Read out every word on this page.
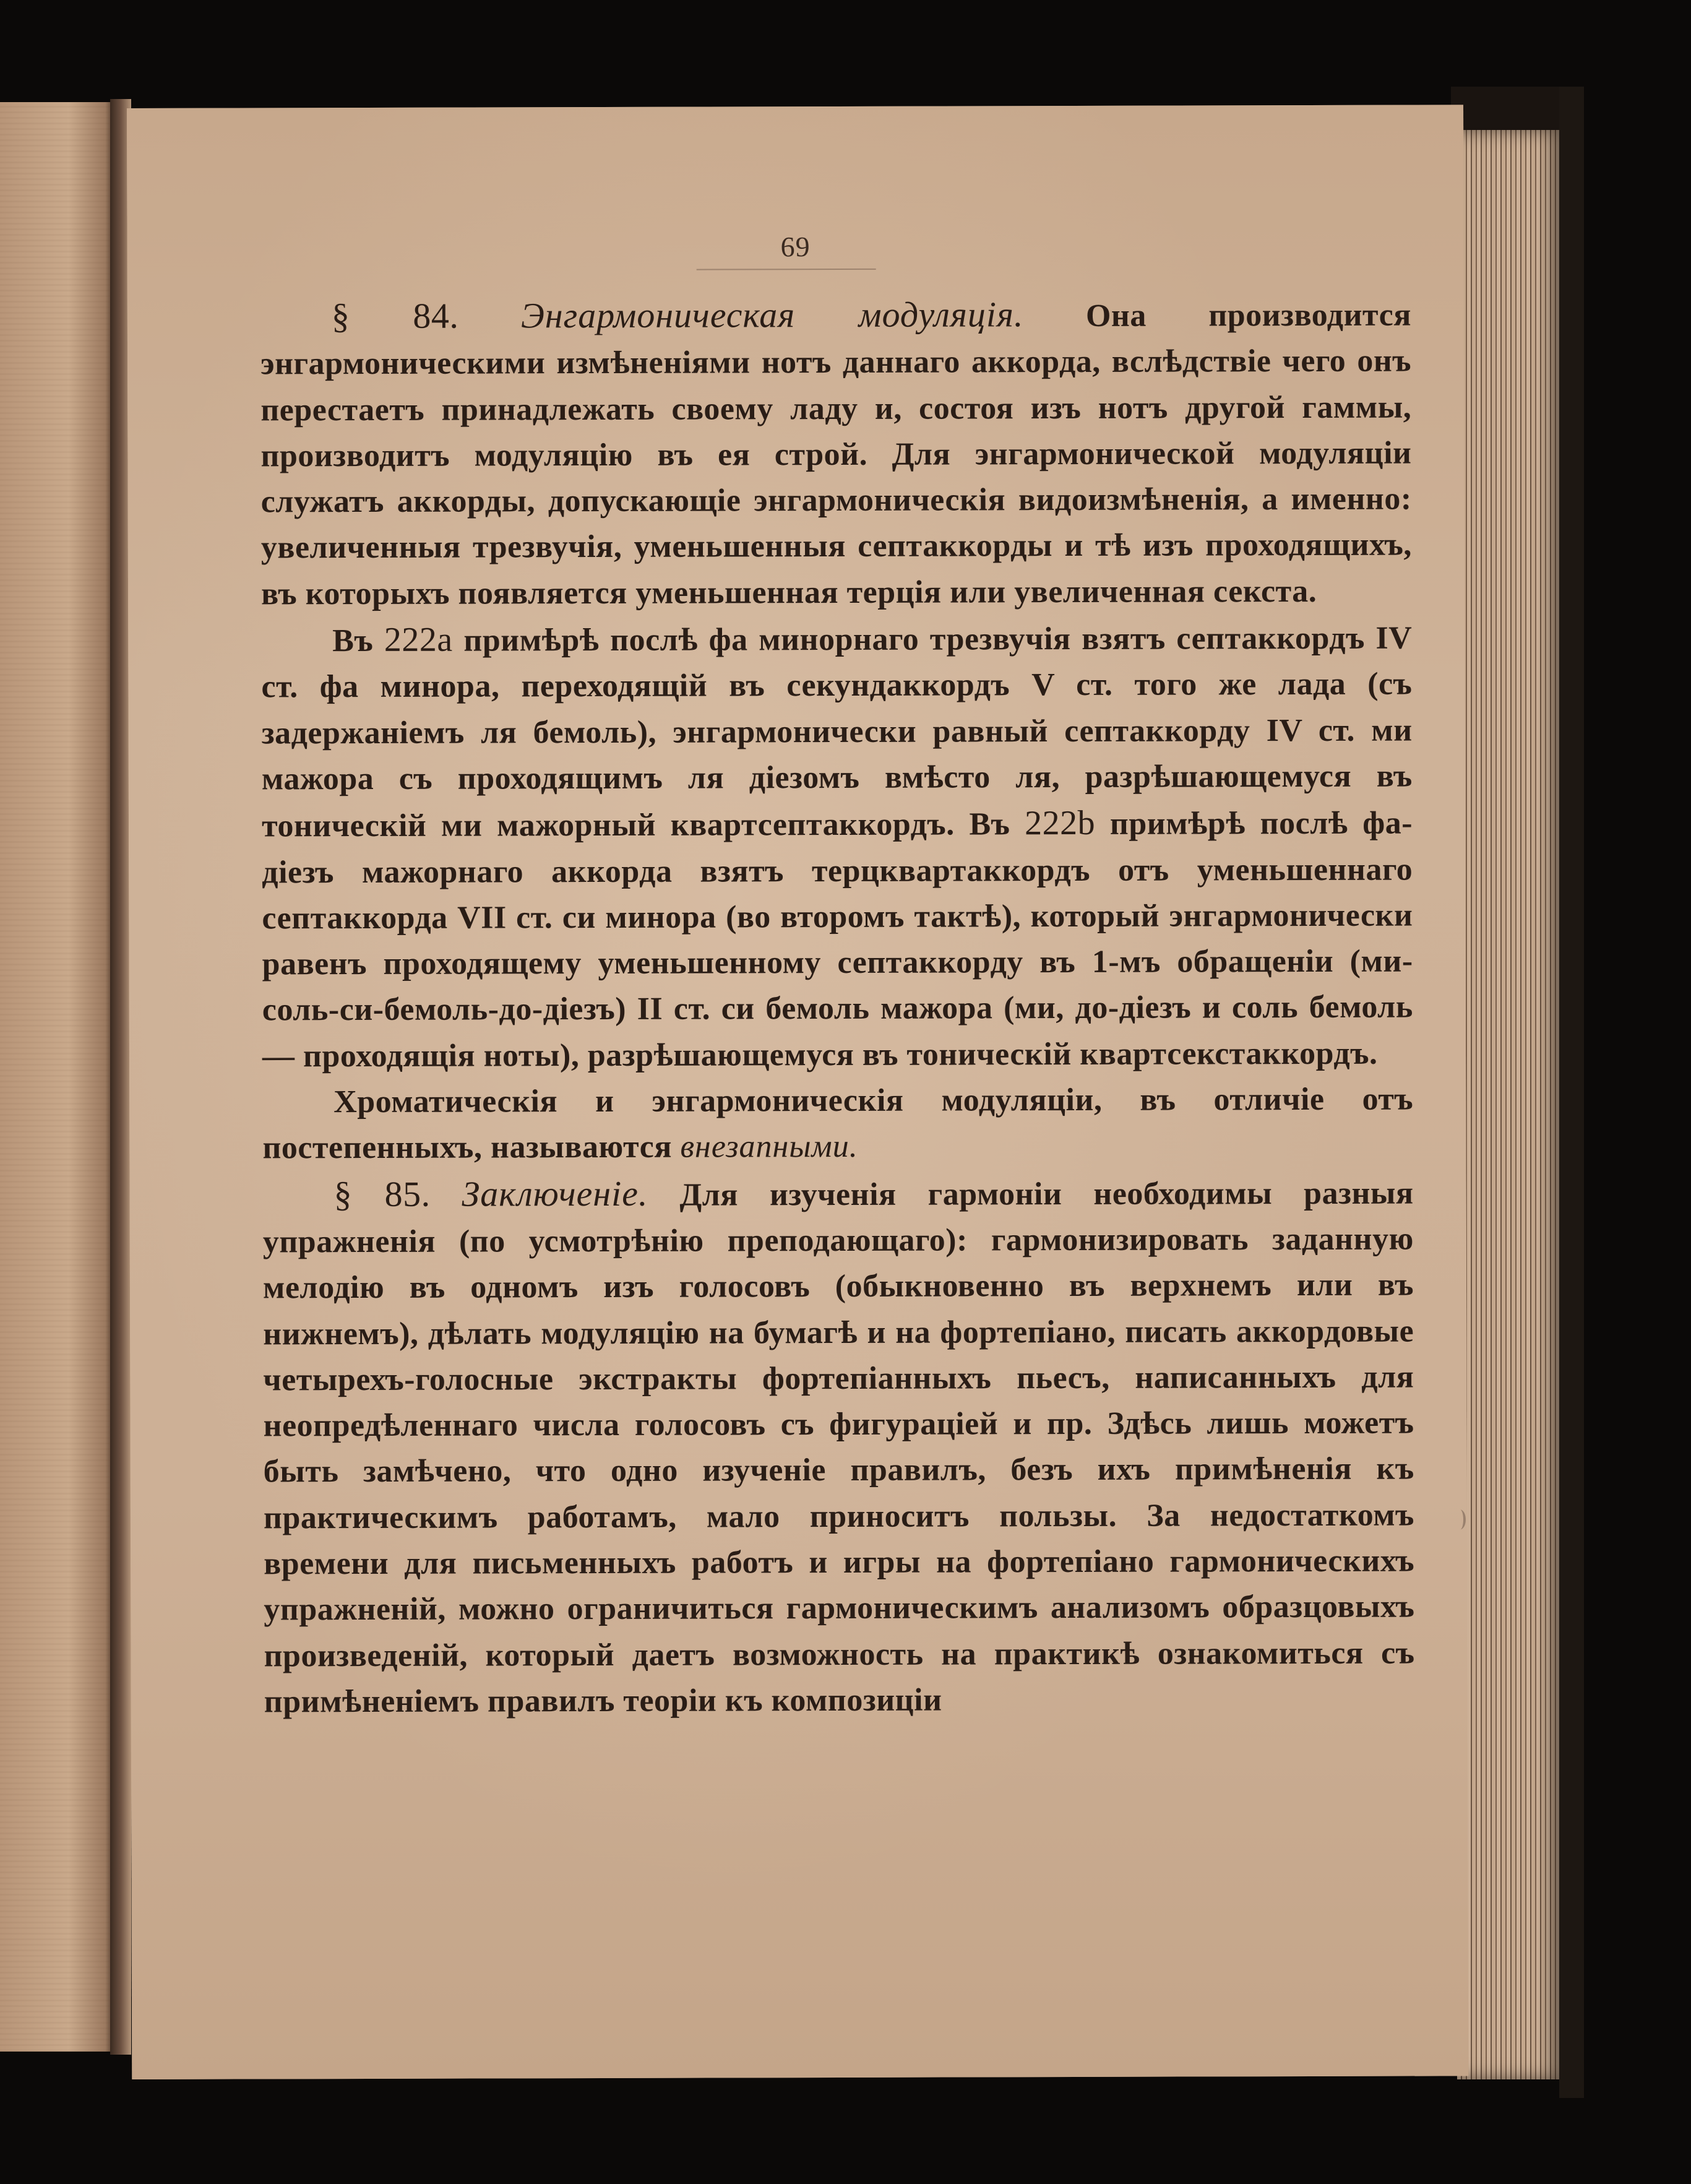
69

§ 84. Энгармоническая модуляція. Она производится энгармоническими измѣненіями нотъ даннаго аккорда, вслѣдствіе чего онъ перестаетъ принадлежать своему ладу и, состоя изъ нотъ другой гаммы, производитъ модуляцію въ ея строй. Для энгармонической модуляціи служатъ аккорды, допускающіе энгармоническія видоизмѣненія, а именно: увеличенныя трезвучія, уменьшенныя септаккорды и тѣ изъ проходящихъ, въ которыхъ появляется уменьшенная терція или увеличенная секста.

Въ 222a примѣрѣ послѣ фа минорнаго трезвучія взятъ септаккордъ IV ст. фа минора, переходящій въ секундаккордъ V ст. того же лада (съ задержаніемъ ля бемоль), энгармонически равный септаккорду IV ст. ми мажора съ проходящимъ ля діезомъ вмѣсто ля, разрѣшающемуся въ тоническій ми мажорный квартсептаккордъ. Въ 222b примѣрѣ послѣ фа-діезъ мажорнаго аккорда взятъ терцквартаккордъ отъ уменьшеннаго септаккорда VII ст. си минора (во второмъ тактѣ), который энгармонически равенъ проходящему уменьшенному септаккорду въ 1-мъ обращеніи (ми-соль-си-бемоль-до-діезъ) II ст. си бемоль мажора (ми, до-діезъ и соль бемоль — проходящія ноты), разрѣшающемуся въ тоническій квартсекстаккордъ.

Хроматическія и энгармоническія модуляціи, въ отличіе отъ постепенныхъ, называются внезапными.

§ 85. Заключеніе. Для изученія гармоніи необходимы разныя упражненія (по усмотрѣнію преподающаго): гармонизировать заданную мелодію въ одномъ изъ голосовъ (обыкновенно въ верхнемъ или въ нижнемъ), дѣлать модуляцію на бумагѣ и на фортепіано, писать аккордовые четырехъ-голосные экстракты фортепіанныхъ пьесъ, написанныхъ для неопредѣленнаго числа голосовъ съ фигураціей и пр. Здѣсь лишь можетъ быть замѣчено, что одно изученіе правилъ, безъ ихъ примѣненія къ практическимъ работамъ, мало приноситъ пользы. За недостаткомъ времени для письменныхъ работъ и игры на фортепіано гармоническихъ упражненій, можно ограничиться гармоническимъ анализомъ образцовыхъ произведеній, который даетъ возможность на практикѣ ознакомиться съ примѣненіемъ правилъ теоріи къ композиціи
